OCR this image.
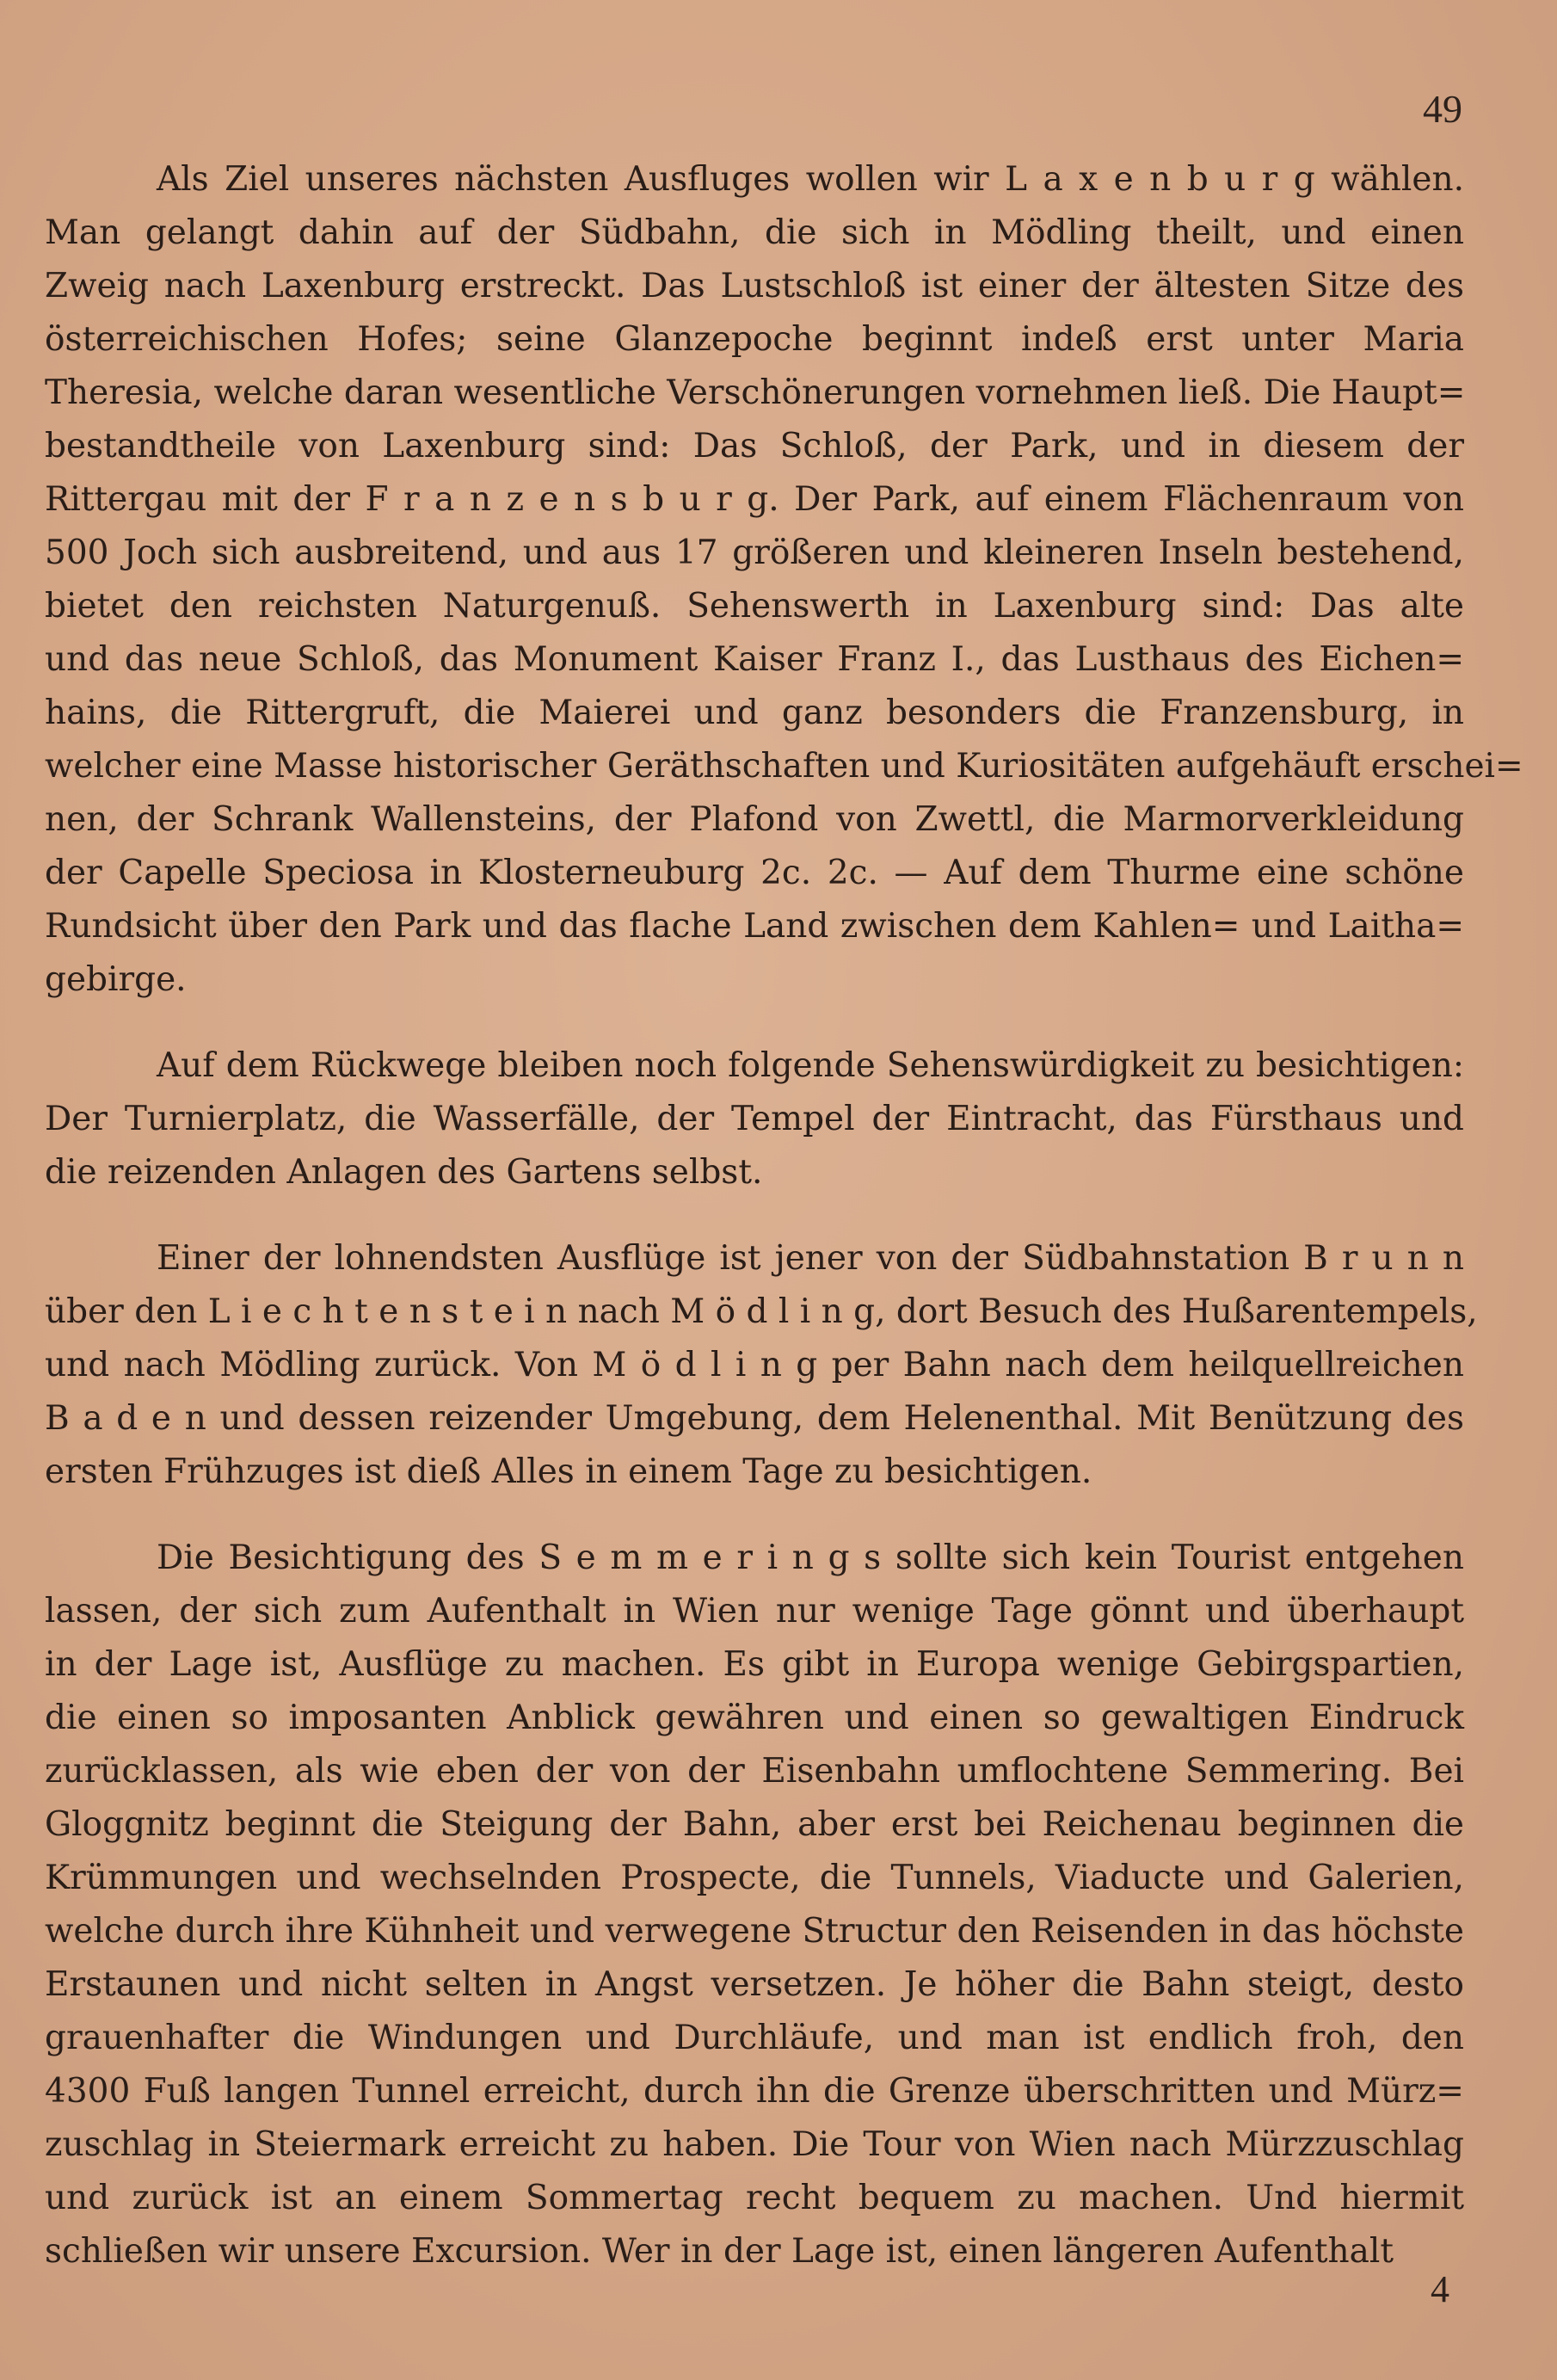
49
Als Ziel unseres nächsten Ausfluges wollen wir L a x e n b u r g wählen.
Man gelangt dahin auf der Südbahn, die sich in Mödling theilt, und einen
Zweig nach Laxenburg erstreckt. Das Lustschloß ist einer der ältesten Sitze des
österreichischen Hofes; seine Glanzepoche beginnt indeß erst unter Maria
Theresia, welche daran wesentliche Verschönerungen vornehmen ließ. Die Haupt=
bestandtheile von Laxenburg sind: Das Schloß, der Park, und in diesem der
Rittergau mit der F r a n z e n s b u r g. Der Park, auf einem Flächenraum von
500 Joch sich ausbreitend, und aus 17 größeren und kleineren Inseln bestehend,
bietet den reichsten Naturgenuß. Sehenswerth in Laxenburg sind: Das alte
und das neue Schloß, das Monument Kaiser Franz I., das Lusthaus des Eichen=
hains, die Rittergruft, die Maierei und ganz besonders die Franzensburg, in
welcher eine Masse historischer Geräthschaften und Kuriositäten aufgehäuft erschei=
nen, der Schrank Wallensteins, der Plafond von Zwettl, die Marmorverkleidung
der Capelle Speciosa in Klosterneuburg 2c. 2c. — Auf dem Thurme eine schöne
Rundsicht über den Park und das flache Land zwischen dem Kahlen= und Laitha=
gebirge.
Auf dem Rückwege bleiben noch folgende Sehenswürdigkeit zu besichtigen:
Der Turnierplatz, die Wasserfälle, der Tempel der Eintracht, das Fürsthaus und
die reizenden Anlagen des Gartens selbst.
Einer der lohnendsten Ausflüge ist jener von der Südbahnstation B r u n n
über den L i e c h t e n s t e i n nach M ö d l i n g, dort Besuch des Hußarentempels,
und nach Mödling zurück. Von M ö d l i n g per Bahn nach dem heilquellreichen
B a d e n und dessen reizender Umgebung, dem Helenenthal. Mit Benützung des
ersten Frühzuges ist dieß Alles in einem Tage zu besichtigen.
Die Besichtigung des S e m m e r i n g s sollte sich kein Tourist entgehen
lassen, der sich zum Aufenthalt in Wien nur wenige Tage gönnt und überhaupt
in der Lage ist, Ausflüge zu machen. Es gibt in Europa wenige Gebirgspartien,
die einen so imposanten Anblick gewähren und einen so gewaltigen Eindruck
zurücklassen, als wie eben der von der Eisenbahn umflochtene Semmering. Bei
Gloggnitz beginnt die Steigung der Bahn, aber erst bei Reichenau beginnen die
Krümmungen und wechselnden Prospecte, die Tunnels, Viaducte und Galerien,
welche durch ihre Kühnheit und verwegene Structur den Reisenden in das höchste
Erstaunen und nicht selten in Angst versetzen. Je höher die Bahn steigt, desto
grauenhafter die Windungen und Durchläufe, und man ist endlich froh, den
4300 Fuß langen Tunnel erreicht, durch ihn die Grenze überschritten und Mürz=
zuschlag in Steiermark erreicht zu haben. Die Tour von Wien nach Mürzzuschlag
und zurück ist an einem Sommertag recht bequem zu machen. Und hiermit
schließen wir unsere Excursion. Wer in der Lage ist, einen längeren Aufenthalt
4
